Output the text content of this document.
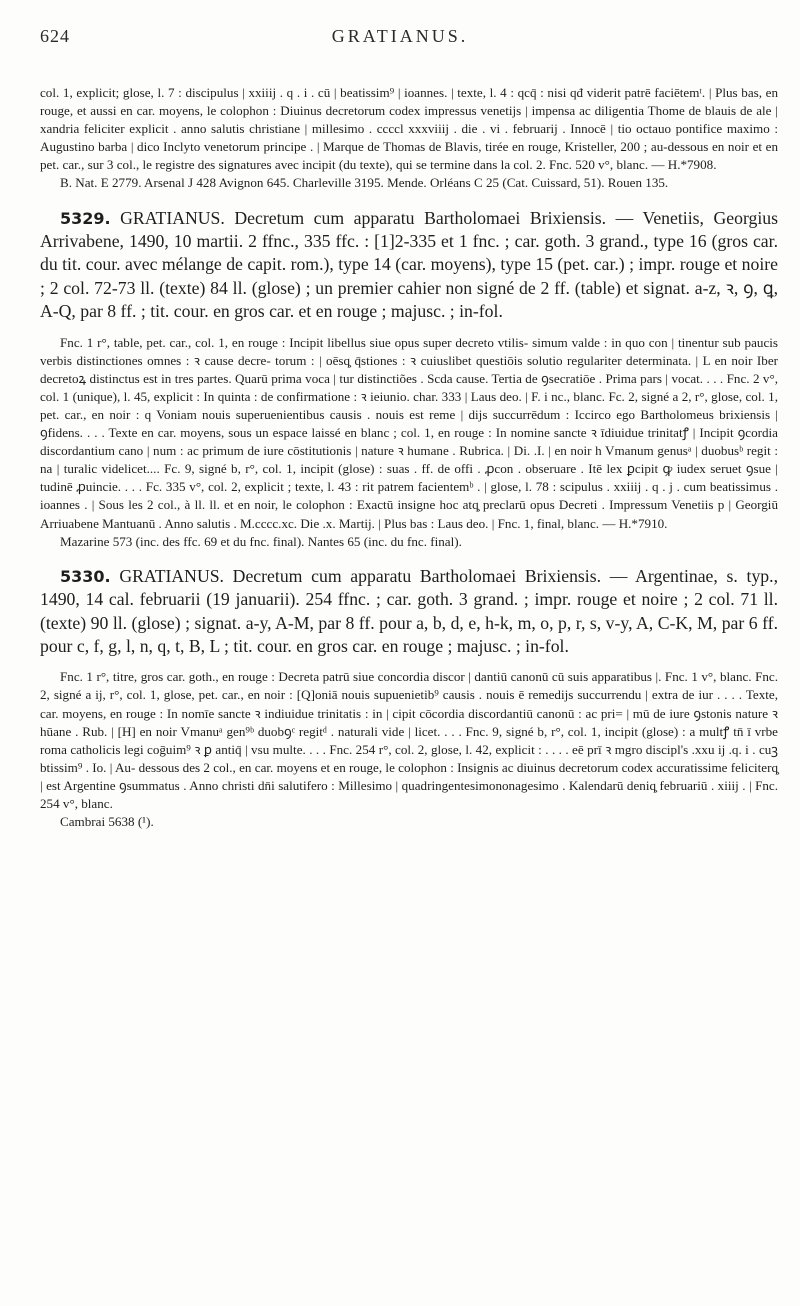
624	GRATIANUS.

col. 1, explicit; glose, l. 7 : discipulus | xxiiij . q . i . cū | beatissim⁹ | ioannes. | texte, l. 4 : qcq̄ : nisi qđ viderit patrē faciētemᵗ. | Plus bas, en rouge, et aussi en car. moyens, le colophon : Diuinus decretorum codex impressus venetijs | impensa ac diligentia Thome de blauis de ale | xandria feliciter explicit . anno salutis christiane | millesimo . ccccl xxxviiij . die . vi . februarij . Innocē | tio octauo pontifice maximo : Augustino barba | dico Inclyto venetorum principe . | Marque de Thomas de Blavis, tirée en rouge, Kristeller, 200 ; au-dessous en noir et en pet. car., sur 3 col., le registre des signatures avec incipit (du texte), qui se termine dans la col. 2. Fnc. 520 v°, blanc. — H.*7908.

B. Nat. E 2779. Arsenal J 428 Avignon 645. Charleville 3195. Mende. Orléans C 25 (Cat. Cuissard, 51). Rouen 135.

5329. GRATIANUS. Decretum cum apparatu Bartholomaei Brixiensis. — Venetiis, Georgius Arrivabene, 1490, 10 martii. 2 ffnc., 335 ffc. : [1]2-335 et 1 fnc. ; car. goth. 3 grand., type 16 (gros car. du tit. cour. avec mélange de capit. rom.), type 14 (car. moyens), type 15 (pet. car.) ; impr. rouge et noire ; 2 col. 72-73 ll. (texte) 84 ll. (glose) ; un premier cahier non signé de 2 ff. (table) et signat. a-z, ꝛ, ꝯ, ꝗ, A-Q, par 8 ff. ; tit. cour. en gros car. et en rouge ; majusc. ; in-fol.

Fnc. 1 r°, table, pet. car., col. 1, en rouge : Incipit libellus siue opus super decreto vtilis- simum valde : in quo con | tinentur sub paucis verbis distinctiones omnes : ꝛ cause decre- torum : | oēsq̧ q̄stiones : ꝛ cuiuslibet questiōis solutio regulariter determinata. | L en noir Iber decretoꝝ distinctus est in tres partes. Quarū prima voca | tur distinctiões . Scda cause. Tertia de ꝯsecratiōe . Prima pars | vocat. . . . Fnc. 2 v°, col. 1 (unique), l. 45, explicit : In quinta : de confirmatione : ꝛ ieiunio. char. 333 | Laus deo. | F. i nc., blanc. Fc. 2, signé a 2, r°, glose, col. 1, pet. car., en noir : q Voniam nouis superuenientibus causis . nouis est reme | dijs succurrēdum : Iccirco ego Bartholomeus brixiensis | ꝯfidens. . . . Texte en car. moyens, sous un espace laissé en blanc ; col. 1, en rouge : In nomine sancte ꝛ īdiuidue trinitatꝭ | Incipit ꝯcordia discordantium cano | num : ac primum de iure cōstitutionis | nature ꝛ humane . Rubrica. | Di. .I. | en noir h Vmanum genusᵃ | duobusᵇ regit : na | turalic videlicet.... Fc. 9, signé b, r°, col. 1, incipit (glose) : suas . ff. de offi . ꝓcon . obseruare . Itē lex ꝑcipit ꝙ iudex seruet ꝯsue | tudinē ꝓuincie. . . . Fc. 335 v°, col. 2, explicit ; texte, l. 43 : rit patrem facientemᵇ . | glose, l. 78 : scipulus . xxiiij . q . j . cum beatissimus . ioannes . | Sous les 2 col., à ll. ll. et en noir, le colophon : Exactū insigne hoc atq̧ preclarū opus Decreti . Impressum Venetiis p | Georgiū Arriuabene Mantuanū . Anno salutis . M.cccc.xc. Die .x. Martij. | Plus bas : Laus deo. | Fnc. 1, final, blanc. — H.*7910.

Mazarine 573 (inc. des ffc. 69 et du fnc. final). Nantes 65 (inc. du fnc. final).

5330. GRATIANUS. Decretum cum apparatu Bartholomaei Brixiensis. — Argentinae, s. typ., 1490, 14 cal. februarii (19 januarii). 254 ffnc. ; car. goth. 3 grand. ; impr. rouge et noire ; 2 col. 71 ll. (texte) 90 ll. (glose) ; signat. a-y, A-M, par 8 ff. pour a, b, d, e, h-k, m, o, p, r, s, v-y, A, C-K, M, par 6 ff. pour c, f, g, l, n, q, t, B, L ; tit. cour. en gros car. en rouge ; majusc. ; in-fol.

Fnc. 1 r°, titre, gros car. goth., en rouge : Decreta patrū siue concordia discor | dantiū canonū cū suis apparatibus |. Fnc. 1 v°, blanc. Fnc. 2, signé a ij, r°, col. 1, glose, pet. car., en noir : [Q]oniā nouis supuenietib⁹ causis . nouis ē remedijs succurrendu | extra de iur . . . . Texte, car. moyens, en rouge : In nomīe sancte ꝛ indiuidue trinitatis : in | cipit cōcordia discordantiū canonū : ac pri= | mū de iure ꝯstonis nature ꝛ hūane . Rub. | [H] en noir Vmanuᵃ gen⁹ᵇ duobꝯᶜ regitᵈ . naturali vide | licet. . . . Fnc. 9, signé b, r°, col. 1, incipit (glose) : a multꝭ tn̄ ī vrbe roma catholicis legi coḡuim⁹ ꝛ ꝑ antiq̄ | vsu multe. . . . Fnc. 254 r°, col. 2, glose, l. 42, explicit : . . . . eē prī ꝛ mgro discipl's .xxu ij .q. i . cuꝫ btissim⁹ . Io. | Au- dessous des 2 col., en car. moyens et en rouge, le colophon : Insignis ac diuinus decretorum codex accuratissime feliciterq̧ | est Argentine ꝯsummatus . Anno christi dn̄i salutifero : Millesimo | quadringentesimononagesimo . Kalendarū deniq̧ februariū . xiiij . | Fnc. 254 v°, blanc.

Cambrai 5638 (¹).
